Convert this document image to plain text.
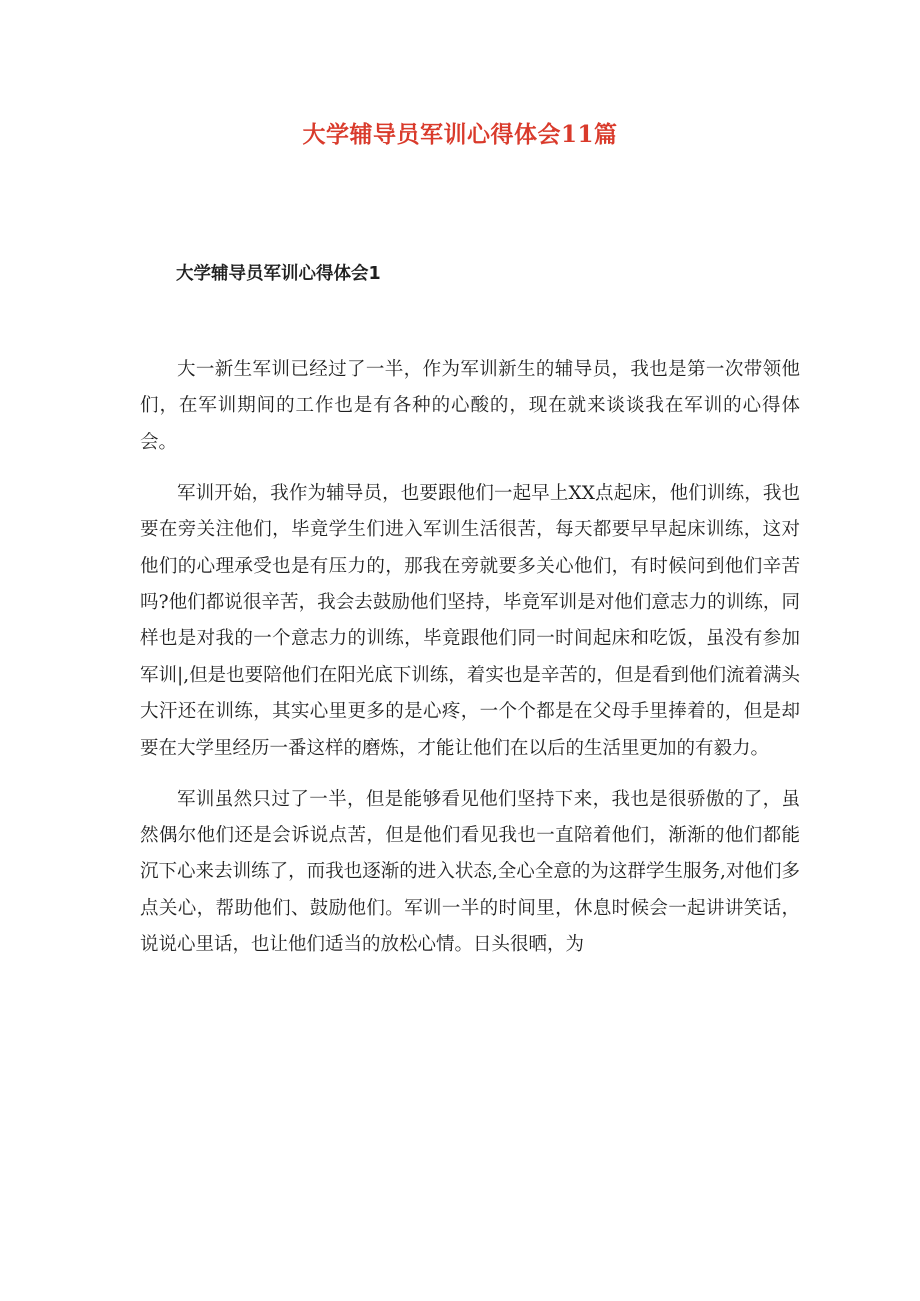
大学辅导员军训心得体会11篇
大学辅导员军训心得体会1

大一新生军训已经过了一半，作为军训新生的辅导员，我也是第一次带领他们，在军训期间的工作也是有各种的心酸的，现在就来谈谈我在军训的心得体会。

军训开始，我作为辅导员，也要跟他们一起早上XX点起床，他们训练，我也要在旁关注他们，毕竟学生们进入军训生活很苦，每天都要早早起床训练，这对他们的心理承受也是有压力的，那我在旁就要多关心他们，有时候问到他们辛苦吗?他们都说很辛苦，我会去鼓励他们坚持，毕竟军训是对他们意志力的训练，同样也是对我的一个意志力的训练，毕竟跟他们同一时间起床和吃饭，虽没有参加军训|,但是也要陪他们在阳光底下训练，着实也是辛苦的，但是看到他们流着满头大汗还在训练，其实心里更多的是心疼，一个个都是在父母手里捧着的，但是却要在大学里经历一番这样的磨炼，才能让他们在以后的生活里更加的有毅力。

军训虽然只过了一半，但是能够看见他们坚持下来，我也是很骄傲的了，虽然偶尔他们还是会诉说点苦，但是他们看见我也一直陪着他们，渐渐的他们都能沉下心来去训练了，而我也逐渐的进入状态,全心全意的为这群学生服务,对他们多点关心，帮助他们、鼓励他们。军训一半的时间里，休息时候会一起讲讲笑话，说说心里话，也让他们适当的放松心情。日头很晒，为
